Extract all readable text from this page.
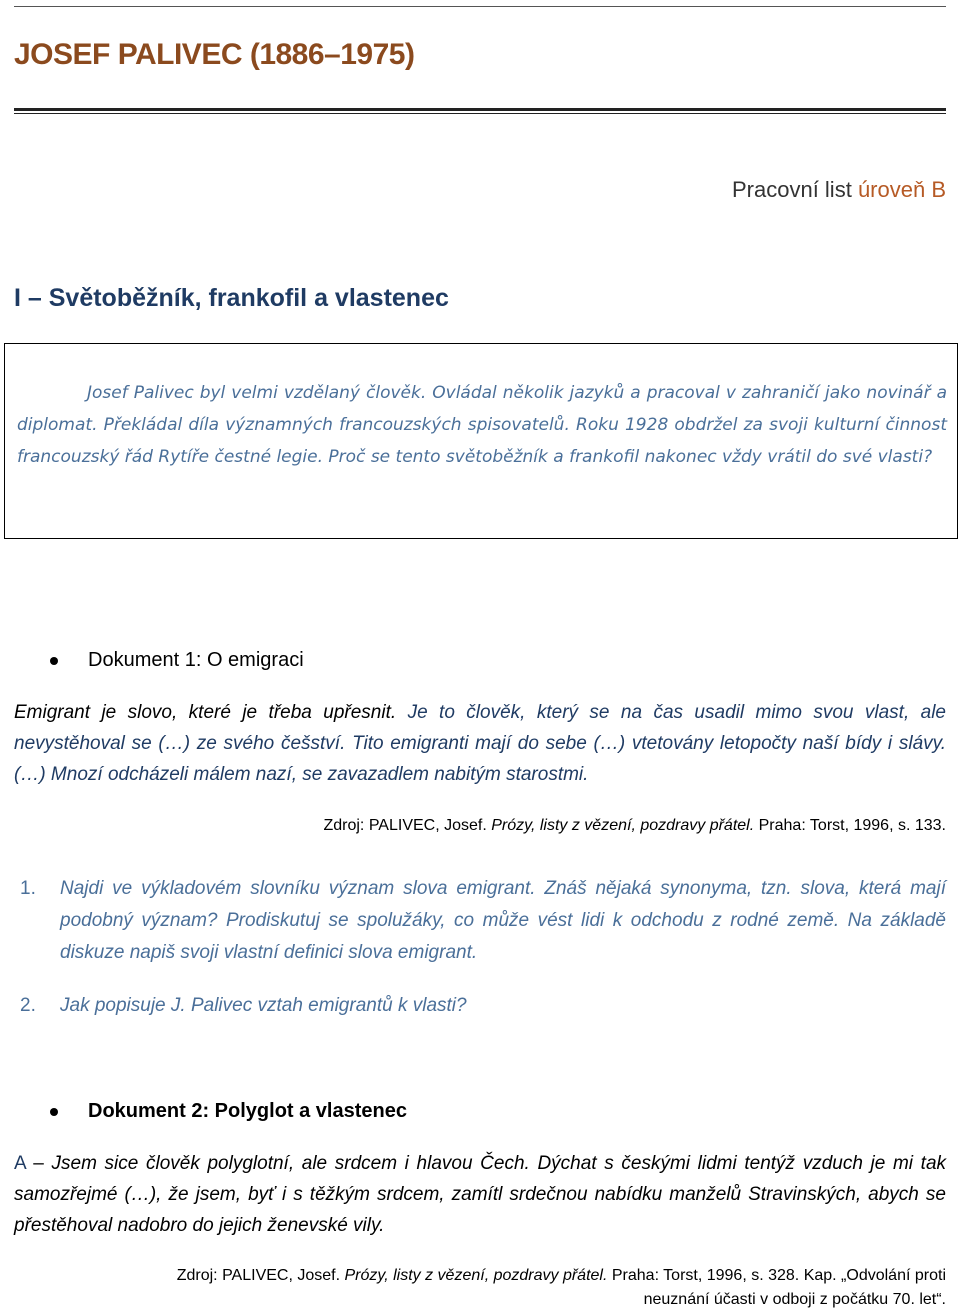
JOSEF PALIVEC (1886–1975)
Pracovní list úroveň B
I – Světoběžník, frankofil a vlastenec

Josef Palivec byl velmi vzdělaný člověk. Ovládal několik jazyků a pracoval v zahraničí jako novinář a diplomat. Překládal díla významných francouzských spisovatelů. Roku 1928 obdržel za svoji kulturní činnost francouzský řád Rytíře čestné legie. Proč se tento světoběžník a frankofil nakonec vždy vrátil do své vlasti?

Dokument 1: O emigraci

Emigrant je slovo, které je třeba upřesnit. Je to člověk, který se na čas usadil mimo svou vlast, ale nevystěhoval se (…) ze svého češství. Tito emigranti mají do sebe (…) vtetovány letopočty naší bídy i slávy. (…) Mnozí odcházeli málem nazí, se zavazadlem nabitým starostmi.

Zdroj: PALIVEC, Josef. Prózy, listy z vězení, pozdravy přátel. Praha: Torst, 1996, s. 133.
1. Najdi ve výkladovém slovníku význam slova emigrant. Znáš nějaká synonyma, tzn. slova, která mají podobný význam? Prodiskutuj se spolužáky, co může vést lidi k odchodu z rodné země. Na základě diskuze napiš svoji vlastní definici slova emigrant.
2. Jak popisuje J. Palivec vztah emigrantů k vlasti?
Dokument 2: Polyglot a vlastenec

A – Jsem sice člověk polyglotní, ale srdcem i hlavou Čech. Dýchat s českými lidmi tentýž vzduch je mi tak samozřejmé (…), že jsem, byť i s těžkým srdcem, zamítl srdečnou nabídku manželů Stravinských, abych se přestěhoval nadobro do jejich ženevské vily.

Zdroj: PALIVEC, Josef. Prózy, listy z vězení, pozdravy přátel. Praha: Torst, 1996, s. 328. Kap. „Odvolání proti
neuznání účasti v odboji z počátku 70. let“.
